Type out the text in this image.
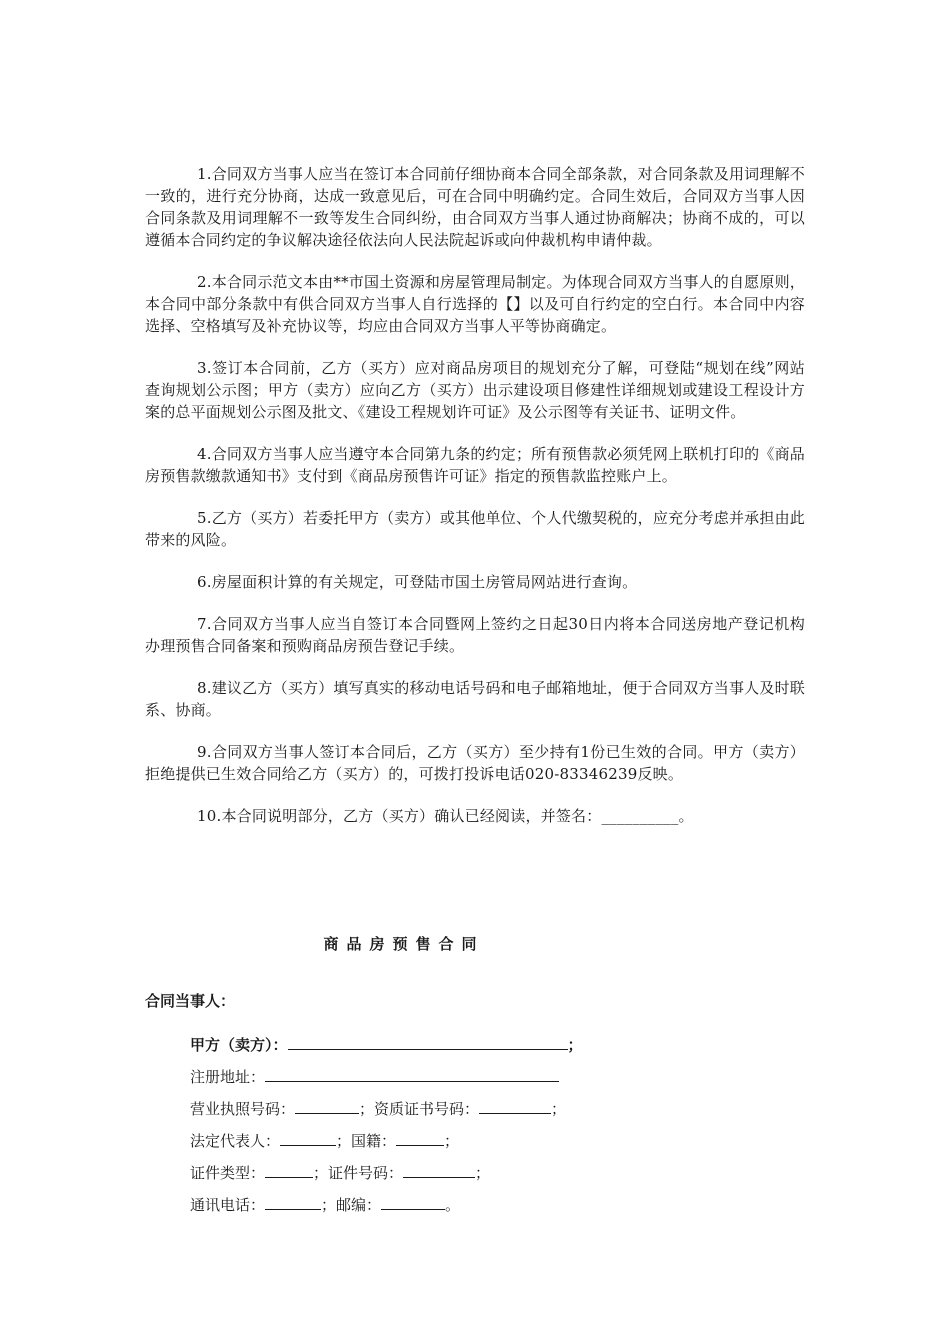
1.合同双方当事人应当在签订本合同前仔细协商本合同全部条款，对合同条款及用词理解不一致的，进行充分协商，达成一致意见后，可在合同中明确约定。合同生效后，合同双方当事人因合同条款及用词理解不一致等发生合同纠纷，由合同双方当事人通过协商解决；协商不成的，可以遵循本合同约定的争议解决途径依法向人民法院起诉或向仲裁机构申请仲裁。

2.本合同示范文本由**市国土资源和房屋管理局制定。为体现合同双方当事人的自愿原则，本合同中部分条款中有供合同双方当事人自行选择的【】以及可自行约定的空白行。本合同中内容选择、空格填写及补充协议等，均应由合同双方当事人平等协商确定。

3.签订本合同前，乙方（买方）应对商品房项目的规划充分了解，可登陆“规划在线”网站查询规划公示图；甲方（卖方）应向乙方（买方）出示建设项目修建性详细规划或建设工程设计方案的总平面规划公示图及批文、《建设工程规划许可证》及公示图等有关证书、证明文件。

4.合同双方当事人应当遵守本合同第九条的约定；所有预售款必须凭网上联机打印的《商品房预售款缴款通知书》支付到《商品房预售许可证》指定的预售款监控账户上。

5.乙方（买方）若委托甲方（卖方）或其他单位、个人代缴契税的，应充分考虑并承担由此带来的风险。

6.房屋面积计算的有关规定，可登陆市国土房管局网站进行查询。

7.合同双方当事人应当自签订本合同暨网上签约之日起30日内将本合同送房地产登记机构办理预售合同备案和预购商品房预告登记手续。

8.建议乙方（买方）填写真实的移动电话号码和电子邮箱地址，便于合同双方当事人及时联系、协商。

9.合同双方当事人签订本合同后，乙方（买方）至少持有1份已生效的合同。甲方（卖方）拒绝提供已生效合同给乙方（买方）的，可拨打投诉电话020-83346239反映。

10.本合同说明部分，乙方（买方）确认已经阅读，并签名：__________。

商品房预售合同
合同当事人：
甲方（卖方）：	；
注册地址：
营业执照号码：	；资质证书号码：	；
法定代表人：	；国籍：	；
证件类型：	；证件号码：	；
通讯电话：	；邮编：	。
